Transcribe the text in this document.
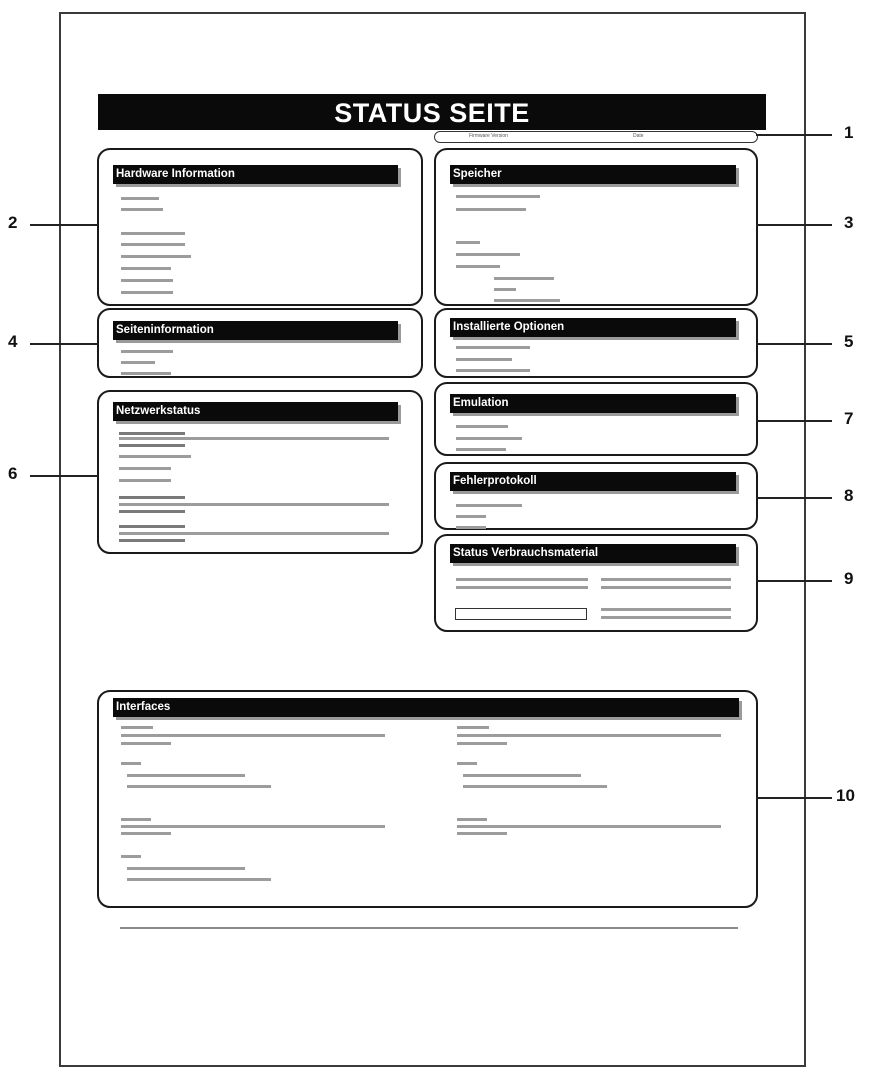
STATUS SEITE
Firmware Version	Date
Hardware Information	Speicher
Seiteninformation	Installierte Optionen
Netzwerkstatus
Emulation
Fehlerprotokoll
Status Verbrauchsmaterial
Interfaces
1
2	3
4	5
6
7
8
9
10
